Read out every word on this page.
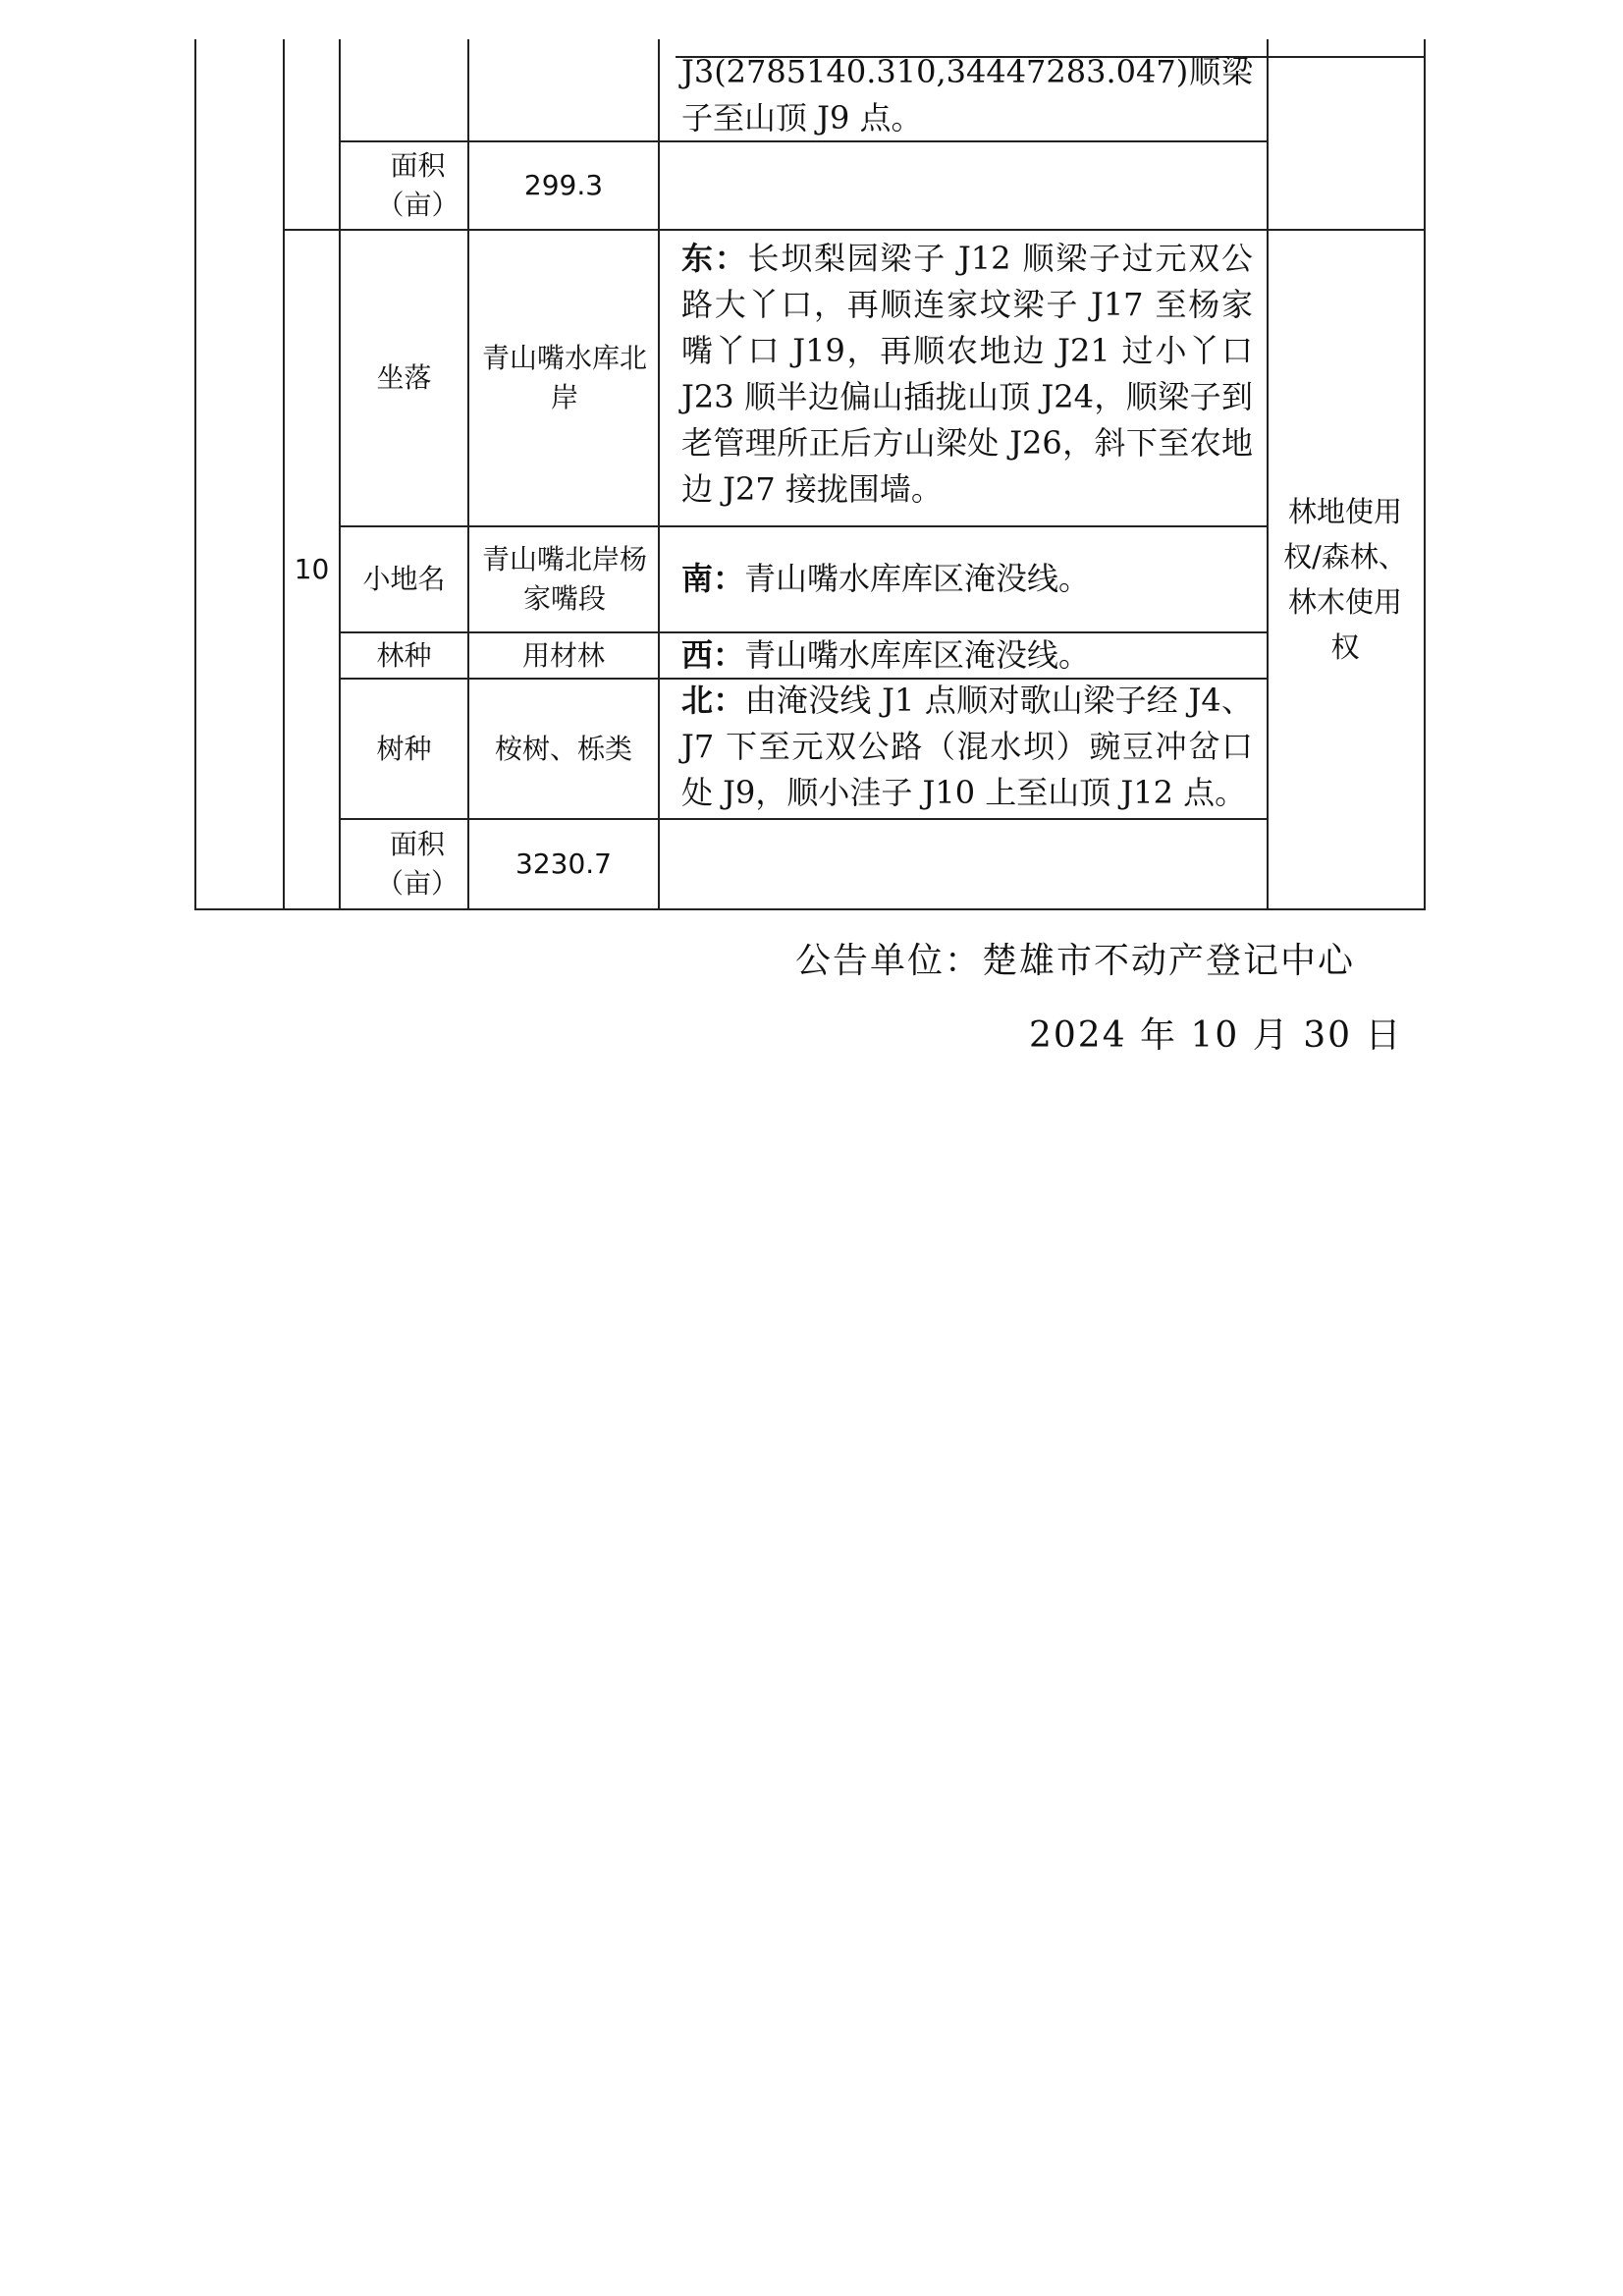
J3(2785140.310,34447283.047)顺梁子至山顶 J9 点。
面积（亩）
299.3
10
坐落
青山嘴水库北岸
小地名
青山嘴北岸杨家嘴段
林种	用材林
树种	桉树、栎类
面积（亩）
3230.7
东：长坝梨园梁子 J12 顺梁子过元双公路大丫口，再顺连家坟梁子 J17 至杨家嘴丫口 J19，再顺农地边 J21 过小丫口 J23 顺半边偏山插拢山顶 J24，顺梁子到老管理所正后方山梁处 J26，斜下至农地边 J27 接拢围墙。
南：青山嘴水库库区淹没线。
西：青山嘴水库库区淹没线。
北：由淹没线 J1 点顺对歌山梁子经 J4、J7 下至元双公路（混水坝）豌豆冲岔口处 J9，顺小洼子 J10 上至山顶 J12 点。
林地使用权/森林、林木使用权
公告单位：楚雄市不动产登记中心
2024 年 10 月 30 日
